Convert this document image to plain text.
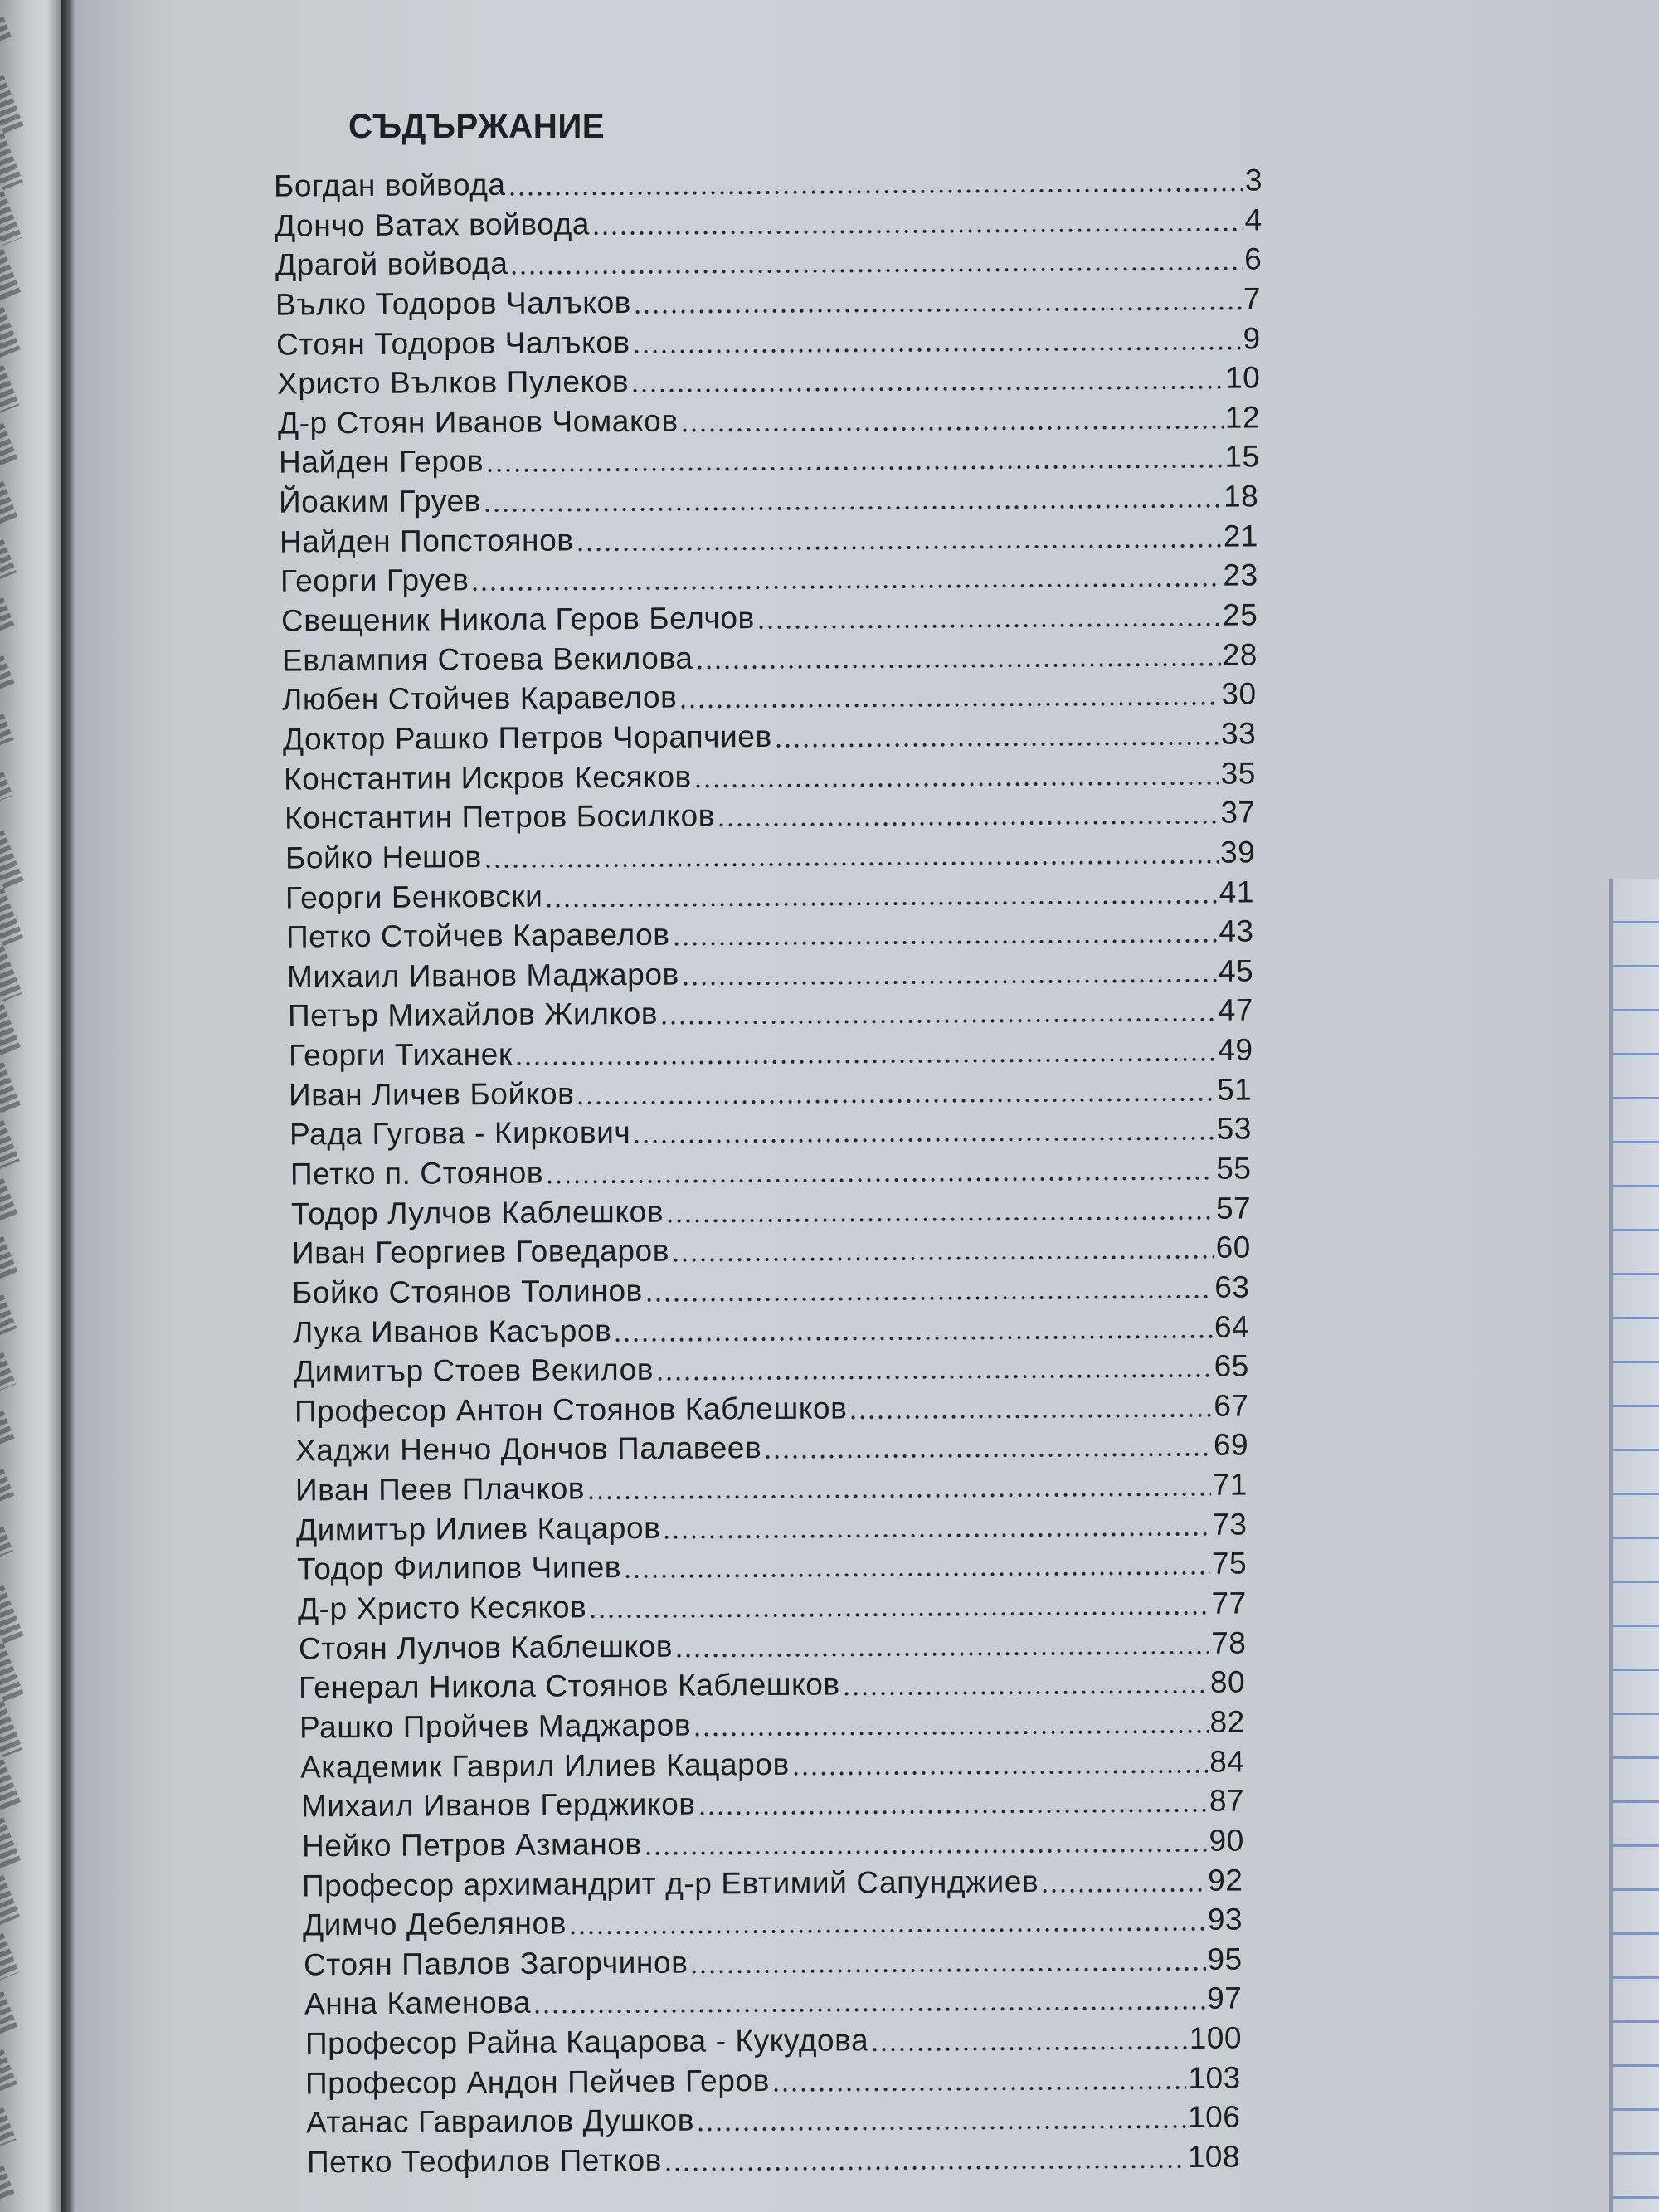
​
СЪДЪРЖАНИЕ
Богдан войвода	3
Дончо Ватах войвода	4
Драгой войвода	6
Вълко Тодоров Чалъков	7
Стоян Тодоров Чалъков	9
Христо Вълков Пулеков	10
Д-р Стоян Иванов Чомаков	12
Найден Геров	15
Йоаким Груев	18
Найден Попстоянов	21
Георги Груев	23
Свещеник Никола Геров Белчов	25
Евлампия Стоева Векилова	28
Любен Стойчев Каравелов	30
Доктор Рашко Петров Чорапчиев	33
Константин Искров Кесяков	35
Константин Петров Босилков	37
Бойко Нешов	39
Георги Бенковски	41
Петко Стойчев Каравелов	43
Михаил Иванов Маджаров	45
Петър Михайлов Жилков	47
Георги Тиханек	49
Иван Личев Бойков	51
Рада Гугова - Киркович	53
Петко п. Стоянов	55
Тодор Лулчов Каблешков	57
Иван Георгиев Говедаров	60
Бойко Стоянов Толинов	63
Лука Иванов Касъров	64
Димитър Стоев Векилов	65
Професор Антон Стоянов Каблешков	67
Хаджи Ненчо Дончов Палавеев	69
Иван Пеев Плачков	71
Димитър Илиев Кацаров	73
Тодор Филипов Чипев	75
Д-р Христо Кесяков	77
Стоян Лулчов Каблешков	78
Генерал Никола Стоянов Каблешков	80
Рашко Пройчев Маджаров	82
Академик Гаврил Илиев Кацаров	84
Михаил Иванов Герджиков	87
Нейко Петров Азманов	90
Професор архимандрит д-р Евтимий Сапунджиев	92
Димчо Дебелянов	93
Стоян Павлов Загорчинов	95
Анна Каменова	97
Професор Райна Кацарова - Кукудова	100
Професор Андон Пейчев Геров	103
Атанас Гавраилов Душков	106
Петко Теофилов Петков	108
